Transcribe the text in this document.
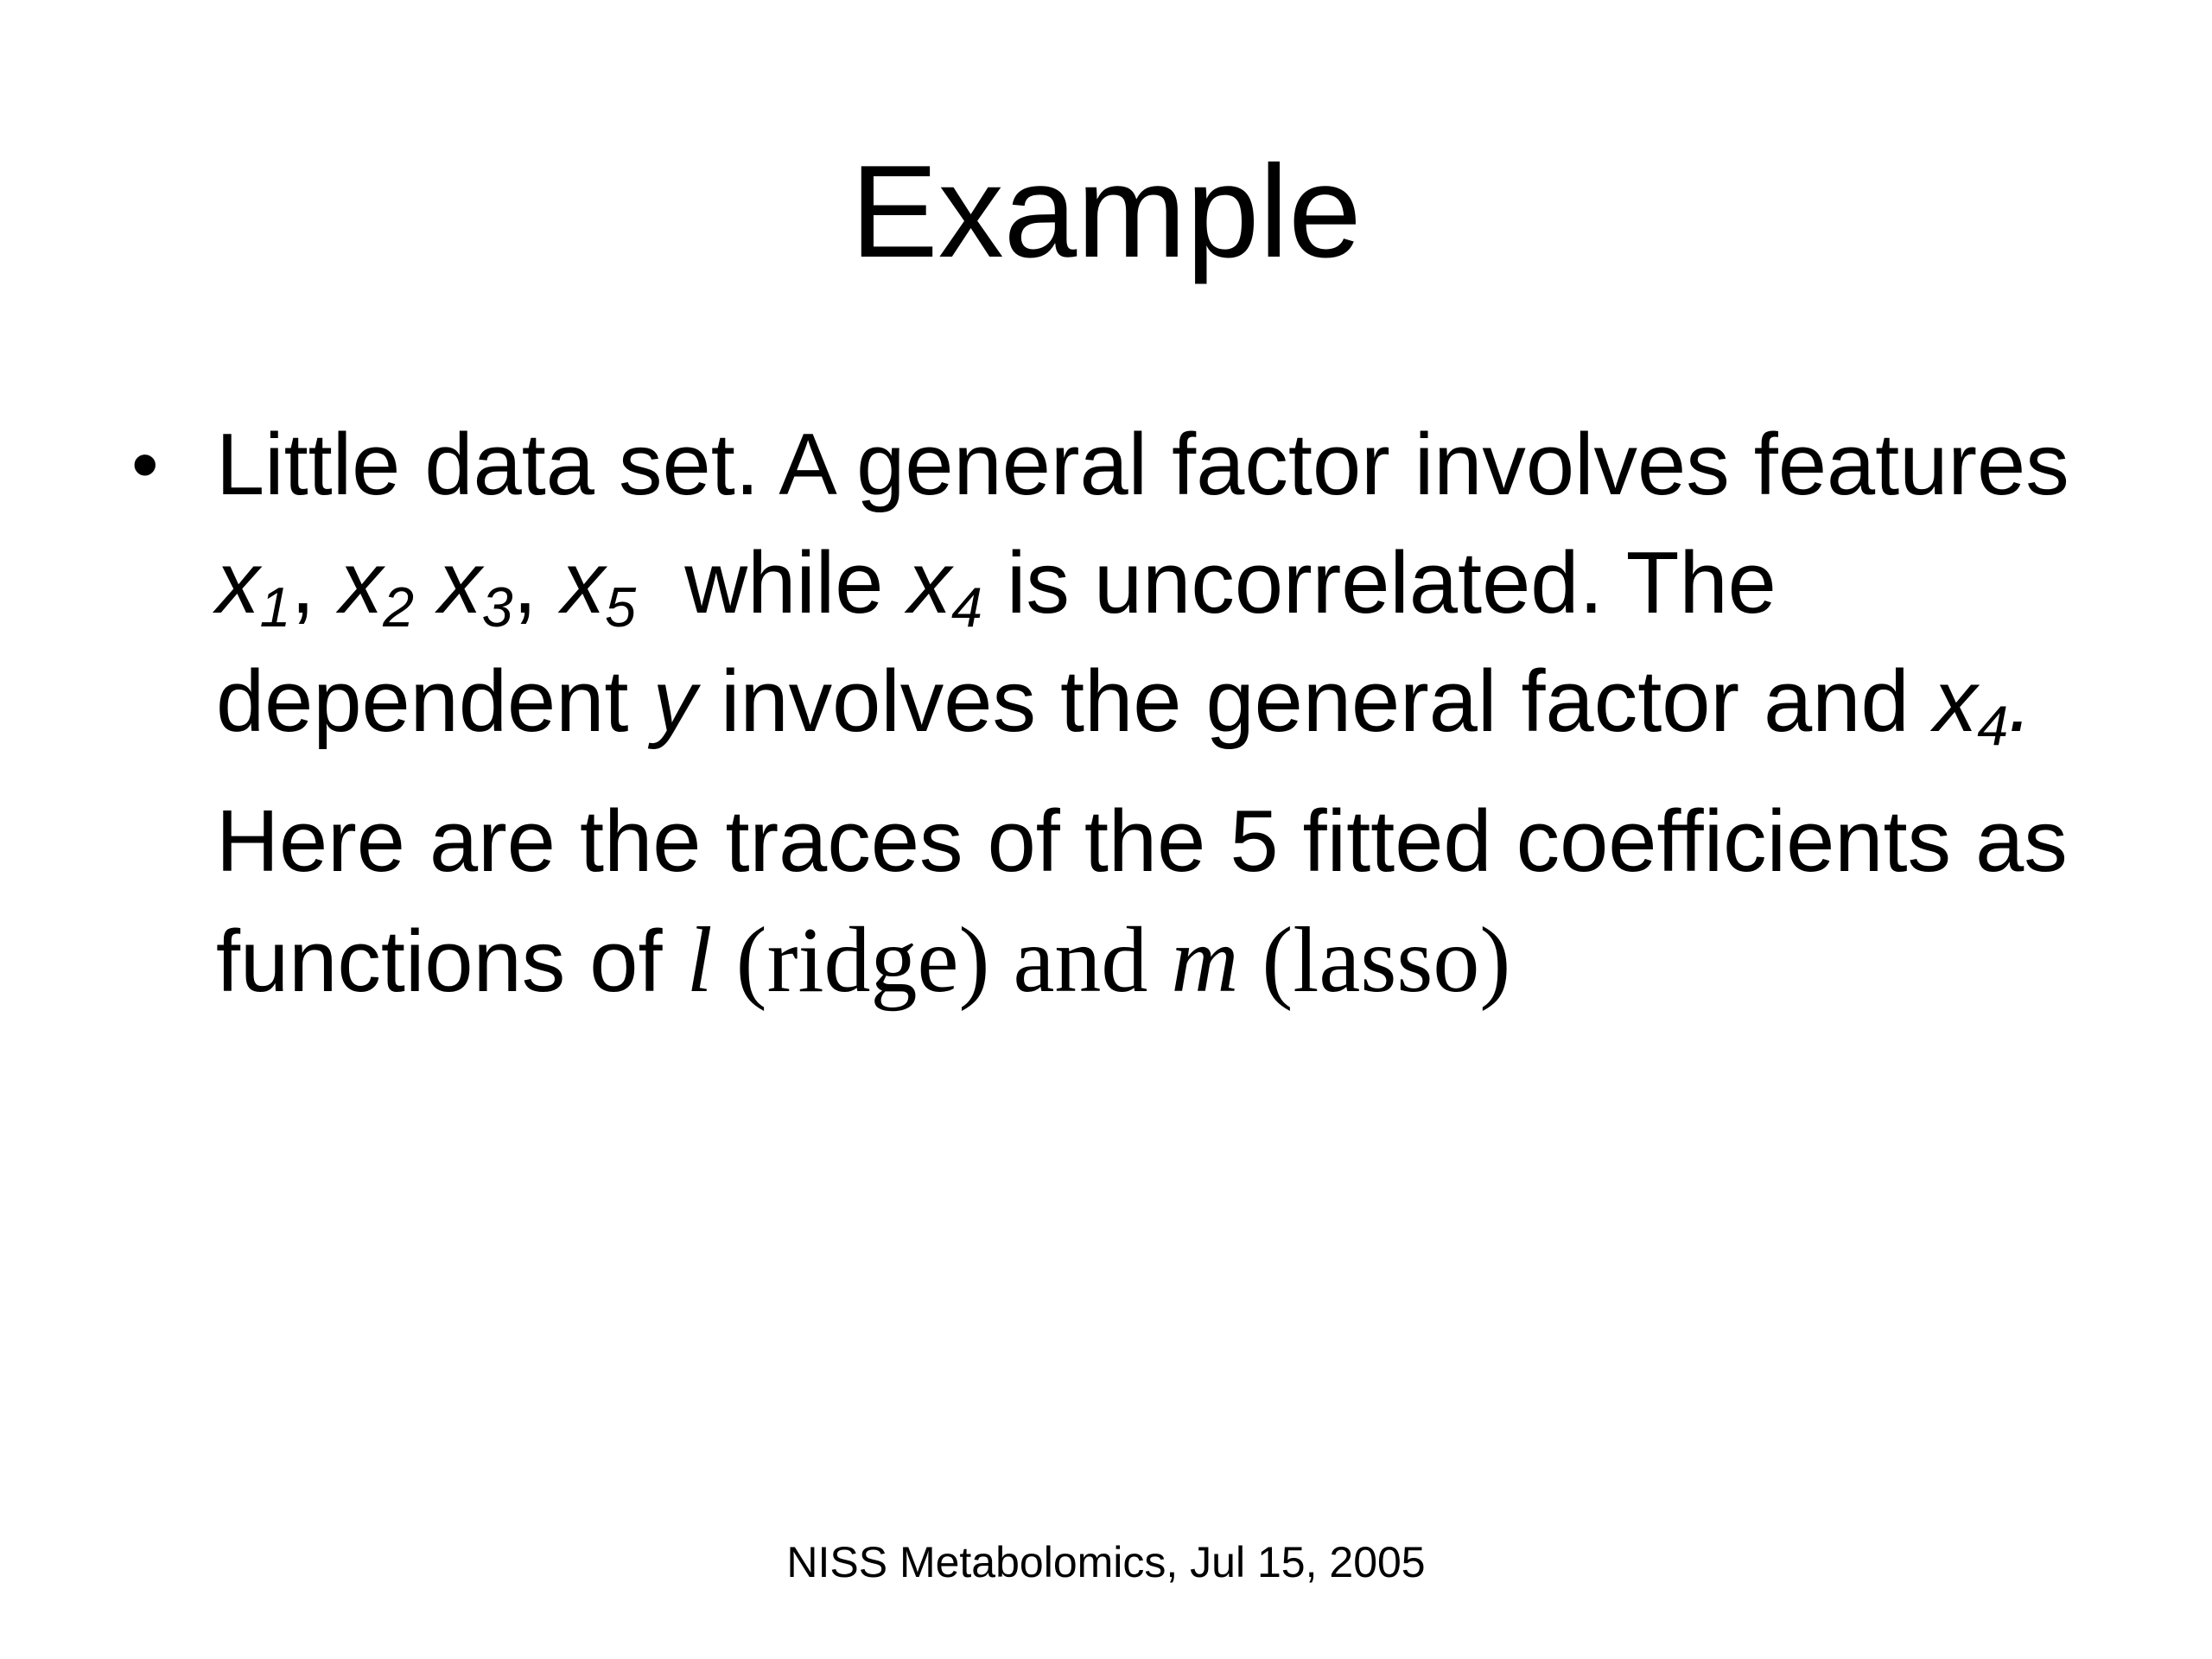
Example
• Little data set. A general factor involves features $x_1$, $x_2$ $x_3$, $x_5$  while $x_4$ is uncorrelated. The dependent y involves the general factor and $x_4$.

Here are the traces of the 5 fitted coefficients as functions of l (ridge) and m (lasso)

NISS Metabolomics, Jul 15, 2005
